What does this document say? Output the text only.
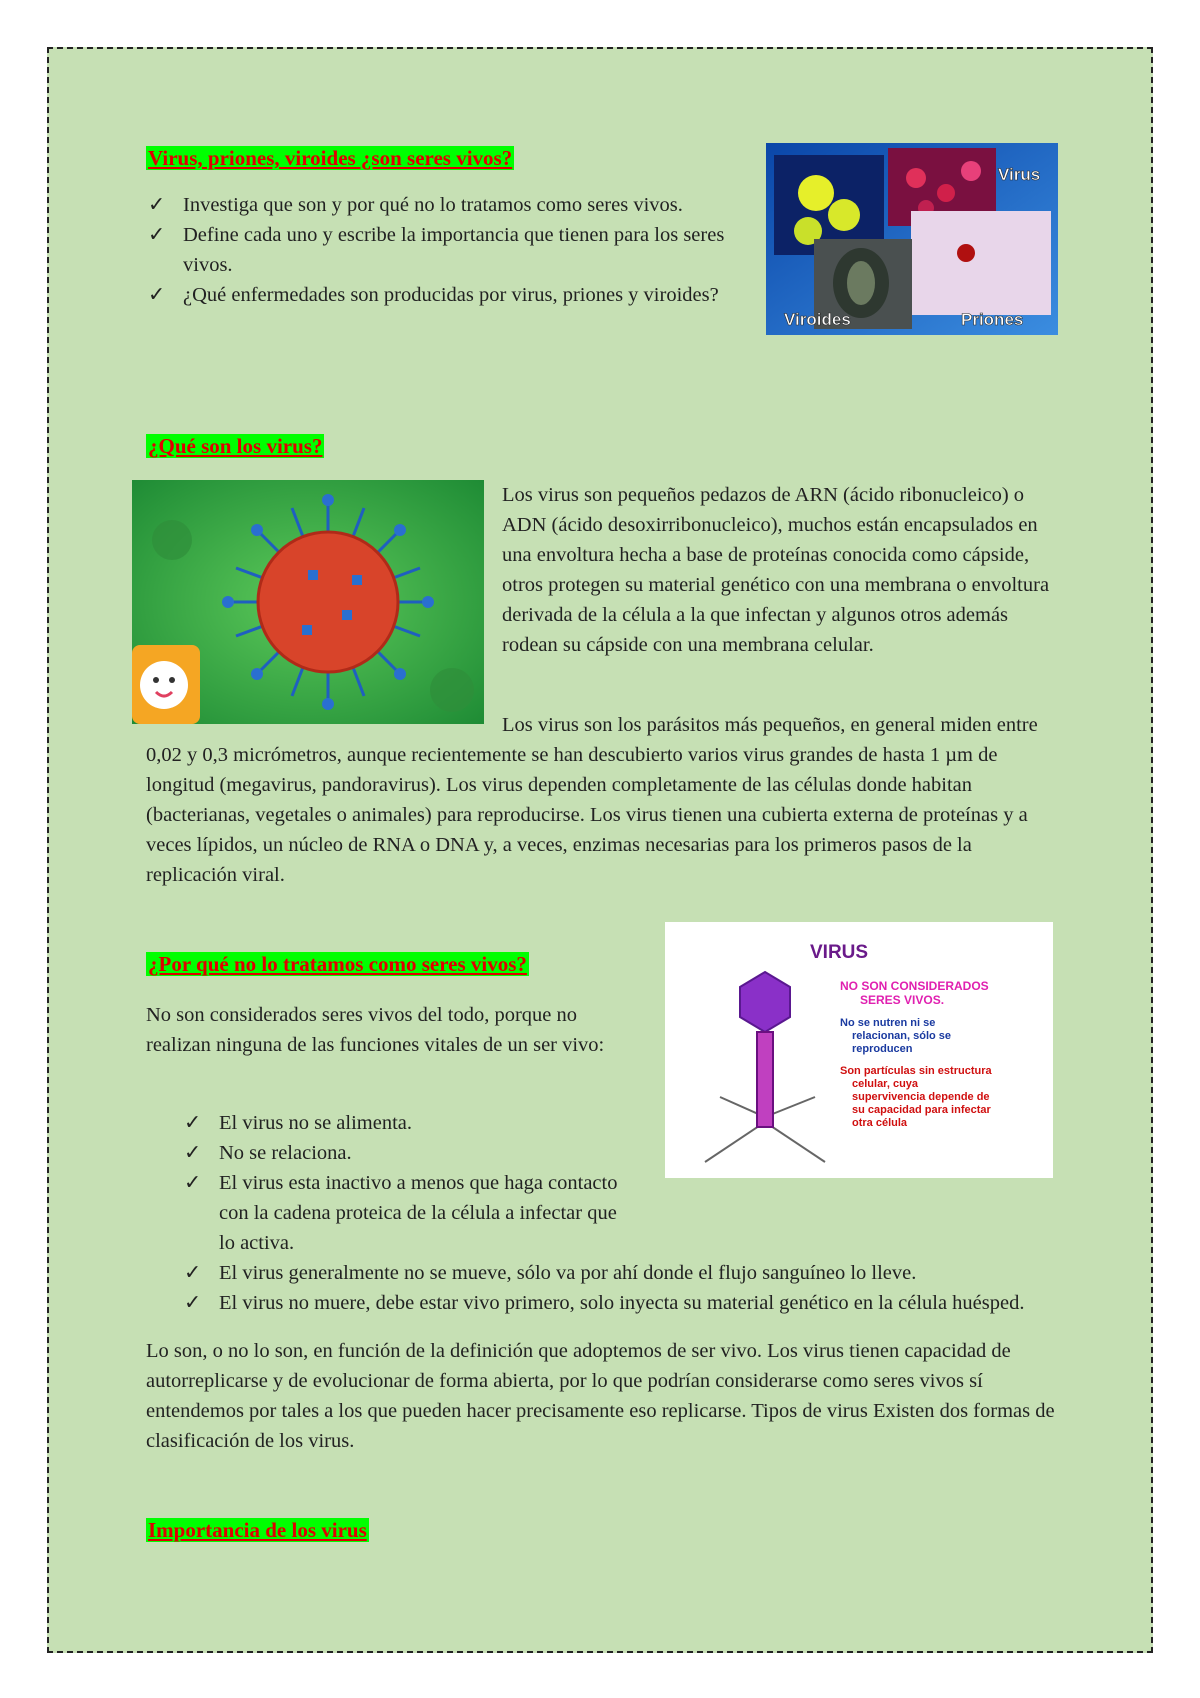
Virus, priones, viroides ¿son seres vivos?
✓ Investiga que son y por qué no lo tratamos como seres vivos.
✓ Define cada uno y escribe la importancia que tienen para los seres vivos.
✓ ¿Qué enfermedades son producidas por virus, priones y viroides?
Virus
Viroides	Priones
¿Qué son los virus?

Los virus son pequeños pedazos de ARN (ácido ribonucleico) o ADN (ácido desoxirribonucleico), muchos están encapsulados en una envoltura hecha a base de proteínas conocida como cápside, otros protegen su material genético con una membrana o envoltura derivada de la célula a la que infectan y algunos otros además rodean su cápside con una membrana celular.

Los virus son los parásitos más pequeños, en general miden entre 0,02 y 0,3 micrómetros, aunque recientemente se han descubierto varios virus grandes de hasta 1 µm de longitud (megavirus, pandoravirus). Los virus dependen completamente de las células donde habitan (bacterianas, vegetales o animales) para reproducirse. Los virus tienen una cubierta externa de proteínas y a veces lípidos, un núcleo de RNA o DNA y, a veces, enzimas necesarias para los primeros pasos de la replicación viral.

¿Por qué no lo tratamos como seres vivos?

No son considerados seres vivos del todo, porque no realizan ninguna de las funciones vitales de un ser vivo:

VIRUS
NO SON CONSIDERADOS
SERES VIVOS.
No se nutren ni se
relacionan, sólo se
reproducen
Son partículas sin estructura
celular, cuya
supervivencia depende de
su capacidad para infectar
otra célula
✓ El virus no se alimenta.
✓ No se relaciona.
✓ El virus esta inactivo a menos que haga contacto con la cadena proteica de la célula a infectar que lo activa.
✓ El virus generalmente no se mueve, sólo va por ahí donde el flujo sanguíneo lo lleve.
✓ El virus no muere, debe estar vivo primero, solo inyecta su material genético en la célula huésped.

Lo son, o no lo son, en función de la definición que adoptemos de ser vivo. Los virus tienen capacidad de autorreplicarse y de evolucionar de forma abierta, por lo que podrían considerarse como seres vivos sí entendemos por tales a los que pueden hacer precisamente eso replicarse. Tipos de virus Existen dos formas de clasificación de los virus.

Importancia de los virus
